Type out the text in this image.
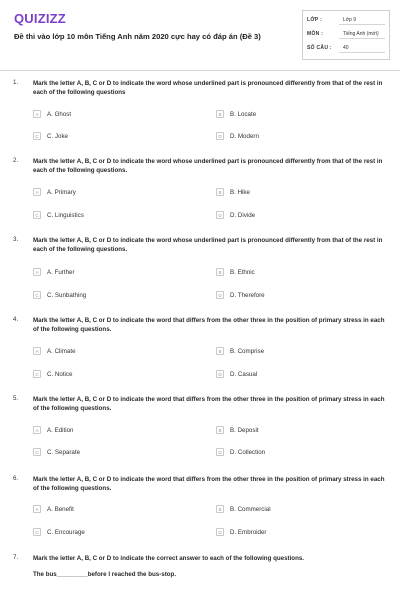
QUIZIZZ
Đề thi vào lớp 10 môn Tiếng Anh năm 2020 cực hay có đáp án (Đề 3)
LỚP :	Lớp 9
MÔN :	Tiếng Anh (mới)
SỐ CÂU : 40
1. Mark the letter A, B, C or D to indicate the word whose underlined part is pronounced differently from that of the rest in each of the following questions
A	A. Ghost	B	B. Locate
C	C. Joke	D	D. Modern
2. Mark the letter A, B, C or D to indicate the word whose underlined part is pronounced differently from that of the rest in each of the following questions.
A	A. Primary	B	B. Hike
C	C. Linguistics	D	D. Divide
3. Mark the letter A, B, C or D to indicate the word whose underlined part is pronounced differently from that of the rest in each of the following questions.
A	A. Further	B	B. Ethnic
C	C. Sunbathing	D	D. Therefore
4. Mark the letter A, B, C or D to indicate the word that differs from the other three in the position of primary stress in each of the following questions.
A	A. Climate	B	B. Comprise
C	C. Notice	D	D. Casual
5. Mark the letter A, B, C or D to indicate the word that differs from the other three in the position of primary stress in each of the following questions.
A	A. Edition	B	B. Deposit
C	C. Separate	D	D. Collection
6. Mark the letter A, B, C or D to indicate the word that differs from the other three in the position of primary stress in each of the following questions.
A	A. Benefit	B	B. Commercial
C	C. Encourage	D	D. Embroider
7. Mark the letter A, B, C or D to indicate the correct answer to each of the following questions.
The bus_________before I reached the bus-stop.
